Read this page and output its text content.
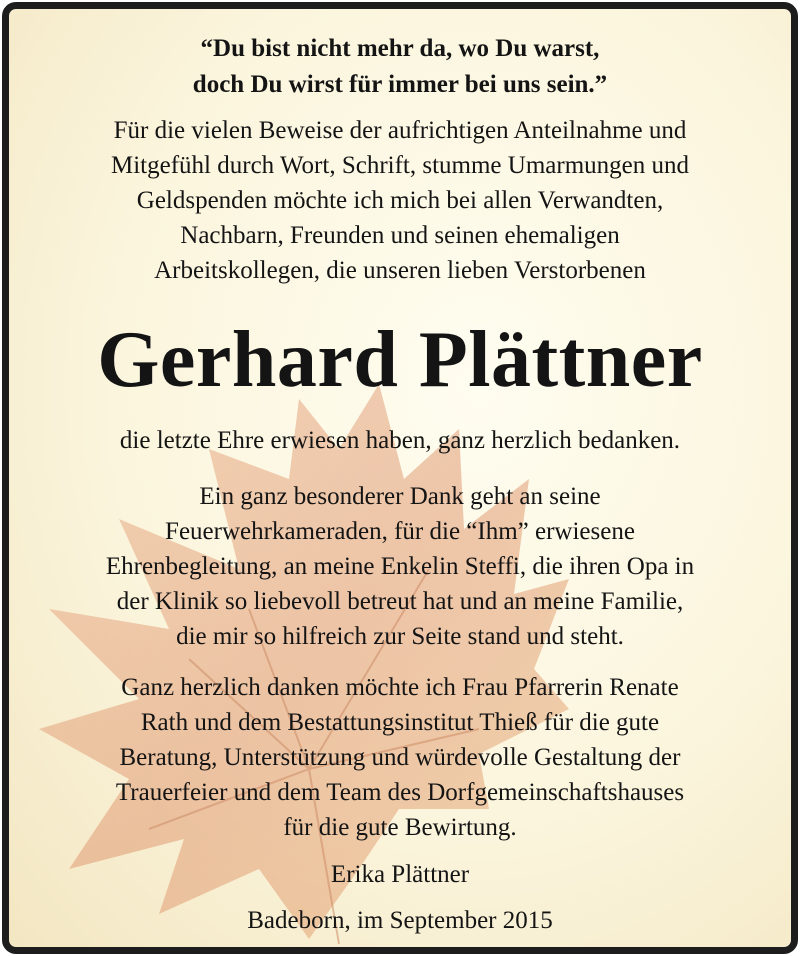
“Du bist nicht mehr da, wo Du warst,
doch Du wirst für immer bei uns sein.”
Für die vielen Beweise der aufrichtigen Anteilnahme und
Mitgefühl durch Wort, Schrift, stumme Umarmungen und
Geldspenden möchte ich mich bei allen Verwandten,
Nachbarn, Freunden und seinen ehemaligen
Arbeitskollegen, die unseren lieben Verstorbenen
Gerhard Plättner
die letzte Ehre erwiesen haben, ganz herzlich bedanken.
Ein ganz besonderer Dank geht an seine
Feuerwehrkameraden, für die “Ihm” erwiesene
Ehrenbegleitung, an meine Enkelin Steffi, die ihren Opa in
der Klinik so liebevoll betreut hat und an meine Familie,
die mir so hilfreich zur Seite stand und steht.
Ganz herzlich danken möchte ich Frau Pfarrerin Renate
Rath und dem Bestattungsinstitut Thieß für die gute
Beratung, Unterstützung und würdevolle Gestaltung der
Trauerfeier und dem Team des Dorfgemeinschaftshauses
für die gute Bewirtung.
Erika Plättner
Badeborn, im September 2015
